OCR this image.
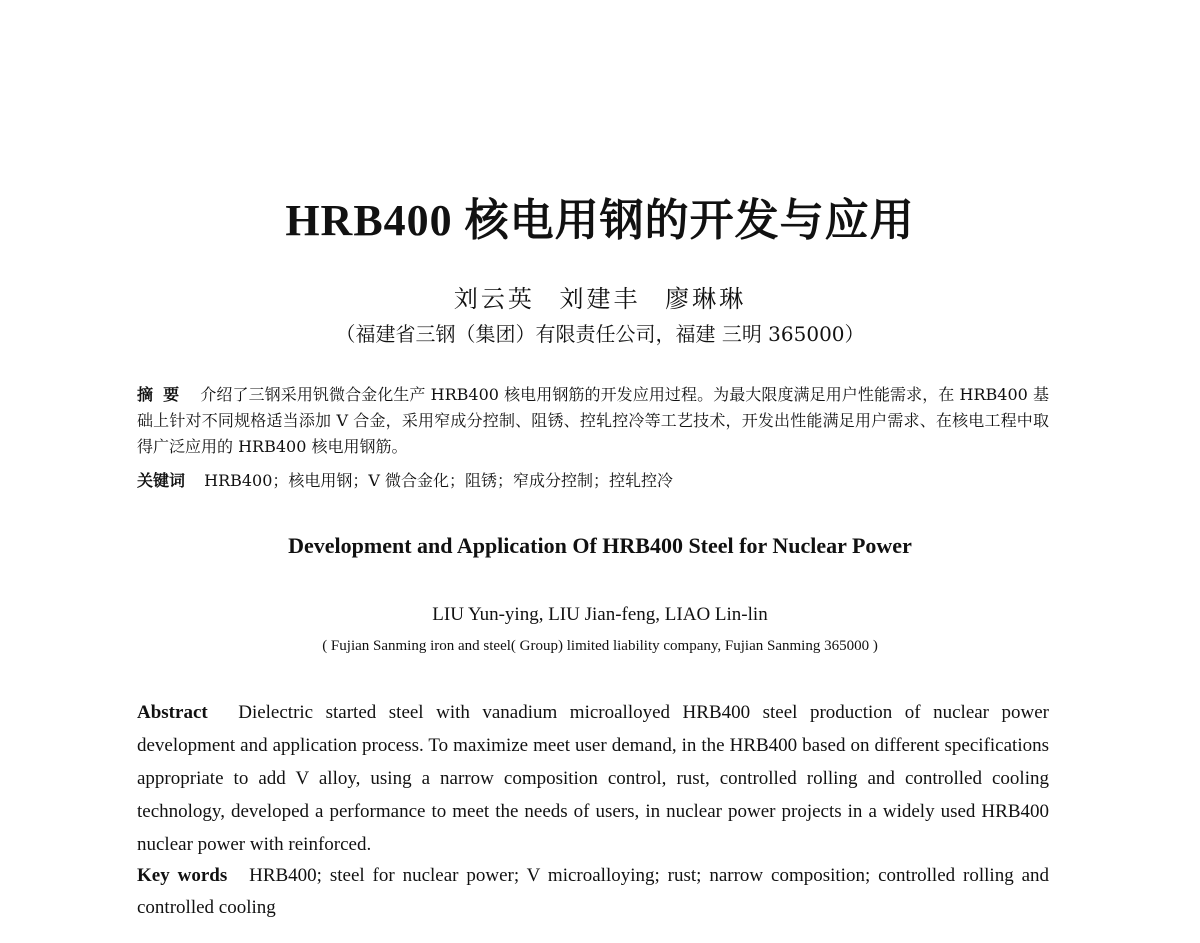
HRB400 核电用钢的开发与应用
刘云英 刘建丰 廖琳琳
（福建省三钢（集团）有限责任公司，福建 三明 365000）
摘要 介绍了三钢采用钒微合金化生产 HRB400 核电用钢筋的开发应用过程。为最大限度满足用户性能需求，在 HRB400 基础上针对不同规格适当添加 V 合金，采用窄成分控制、阻锈、控轧控冷等工艺技术，开发出性能满足用户需求、在核电工程中取得广泛应用的 HRB400 核电用钢筋。
关键词 HRB400；核电用钢；V 微合金化；阻锈；窄成分控制；控轧控冷
Development and Application Of HRB400 Steel for Nuclear Power
LIU Yun-ying, LIU Jian-feng, LIAO Lin-lin
( Fujian Sanming iron and steel( Group) limited liability company, Fujian Sanming 365000 )
Abstract Dielectric started steel with vanadium microalloyed HRB400 steel production of nuclear power development and application process. To maximize meet user demand, in the HRB400 based on different specifications appropriate to add V alloy, using a narrow composition control, rust, controlled rolling and controlled cooling technology, developed a performance to meet the needs of users, in nuclear power projects in a widely used HRB400 nuclear power with reinforced.
Key words HRB400; steel for nuclear power; V microalloying; rust; narrow composition; controlled rolling and controlled cooling
